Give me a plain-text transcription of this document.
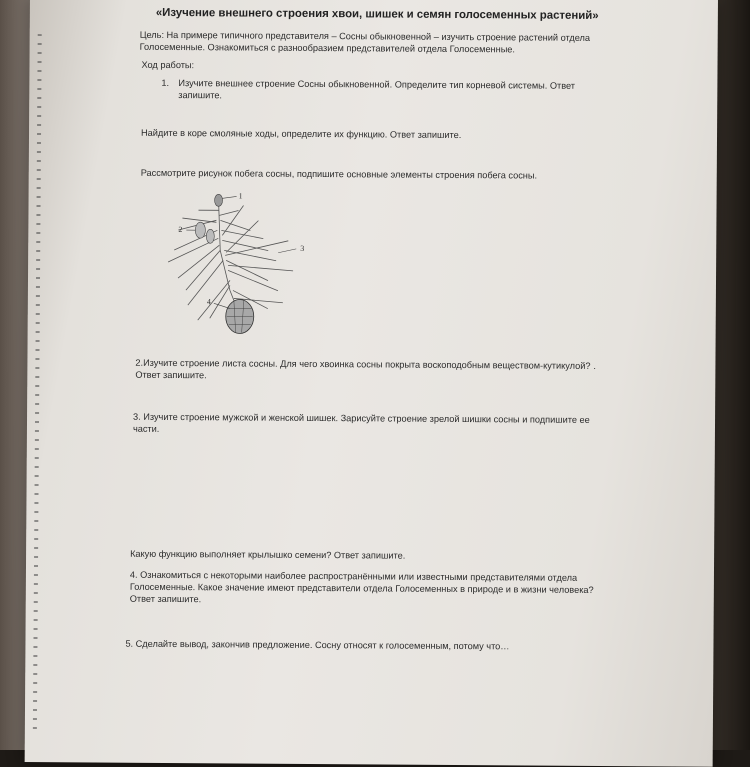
«Изучение внешнего строения хвои, шишек и семян голосеменных растений»
Цель: На примере типичного представителя – Сосны обыкновенной – изучить строение растений отдела Голосеменные. Ознакомиться с разнообразием представителей отдела Голосеменные.
Ход работы:
1. Изучите внешнее строение Сосны обыкновенной. Определите тип корневой системы. Ответ запишите.
Найдите в коре смоляные ходы, определите их функцию. Ответ запишите.
Рассмотрите рисунок побега сосны, подпишите основные элементы строения побега сосны.
1
2
3
4
2.Изучите строение листа сосны. Для чего хвоинка сосны покрыта воскоподобным веществом-кутикулой? Ответ запишите.
.
3. Изучите строение мужской и женской шишек. Зарисуйте строение зрелой шишки сосны и подпишите ее части.
Какую функцию выполняет крылышко семени? Ответ запишите.
4. Ознакомиться с некоторыми наиболее распространёнными или известными представителями отдела Голосеменные. Какое значение имеют представители отдела Голосеменных в природе и в жизни человека? Ответ запишите.
5. Сделайте вывод, закончив предложение. Сосну относят к голосеменным, потому что…
